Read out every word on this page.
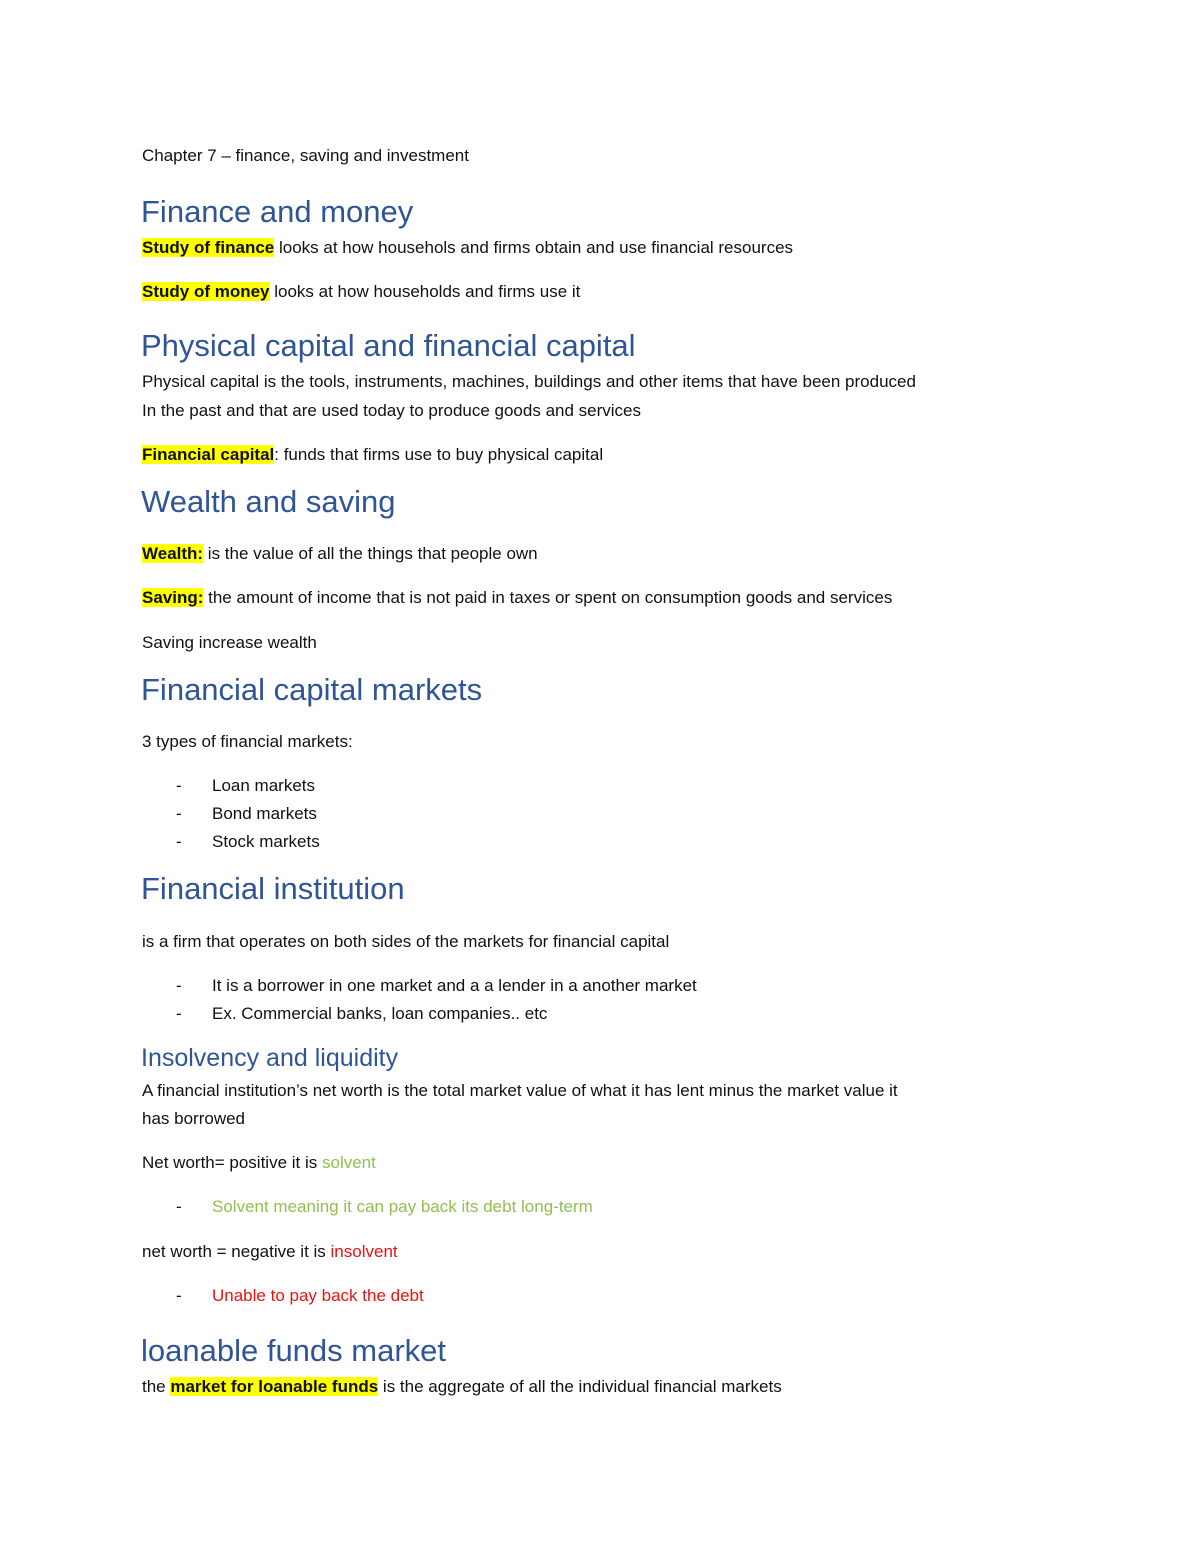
Chapter 7 – finance, saving and investment
Finance and money
Study of finance looks at how househols and firms obtain and use financial resources
Study of money looks at how households and firms use it
Physical capital and financial capital
Physical capital is the tools, instruments, machines, buildings and other items that have been produced
In the past and that are used today to produce goods and services
Financial capital: funds that firms use to buy physical capital
Wealth and saving
Wealth: is the value of all the things that people own
Saving: the amount of income that is not paid in taxes or spent on consumption goods and services
Saving increase wealth
Financial capital markets
3 types of financial markets:
- Loan markets
- Bond markets
- Stock markets
Financial institution
is a firm that operates on both sides of the markets for financial capital
- It is a borrower in one market and a a lender in a another market
- Ex. Commercial banks, loan companies.. etc
Insolvency and liquidity
A financial institution’s net worth is the total market value of what it has lent minus the market value it
has borrowed
Net worth= positive it is solvent
- Solvent meaning it can pay back its debt long-term
net worth = negative it is insolvent
- Unable to pay back the debt
loanable funds market
the market for loanable funds is the aggregate of all the individual financial markets
